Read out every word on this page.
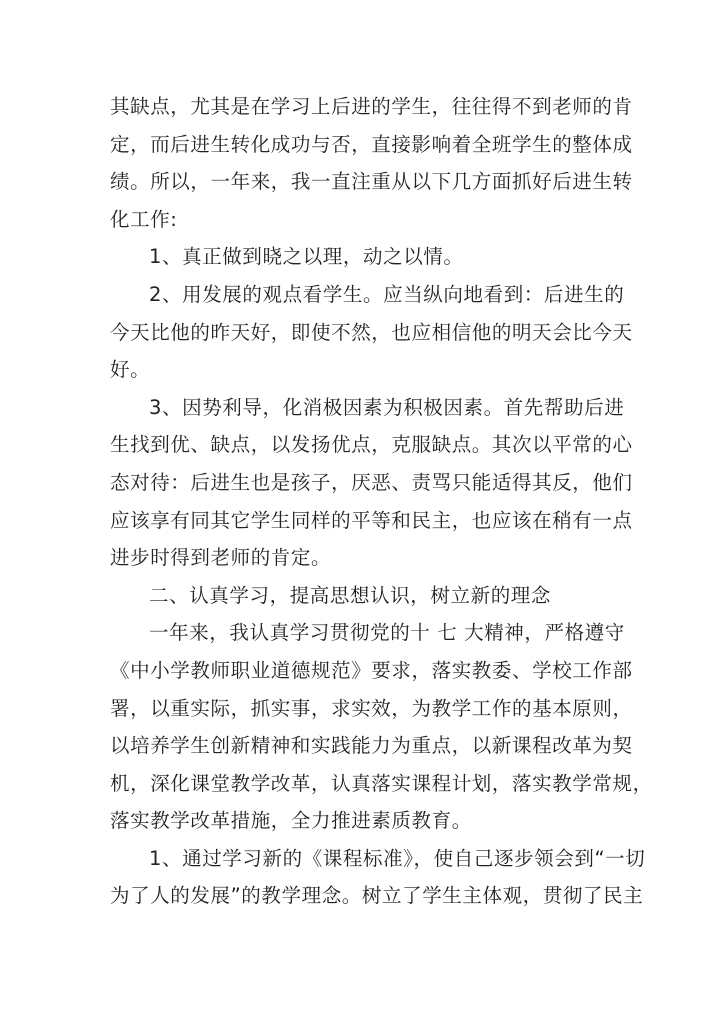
其缺点，尤其是在学习上后进的学生，往往得不到老师的肯
定，而后进生转化成功与否，直接影响着全班学生的整体成
绩。所以，一年来，我一直注重从以下几方面抓好后进生转
化工作:
1、真正做到晓之以理，动之以情。
2、用发展的观点看学生。应当纵向地看到：后进生的
今天比他的昨天好，即使不然，也应相信他的明天会比今天
好。
3、因势利导，化消极因素为积极因素。首先帮助后进
生找到优、缺点，以发扬优点，克服缺点。其次以平常的心
态对待：后进生也是孩子，厌恶、责骂只能适得其反，他们
应该享有同其它学生同样的平等和民主，也应该在稍有一点
进步时得到老师的肯定。
二、认真学习，提高思想认识，树立新的理念
一年来，我认真学习贯彻党的十 七 大精神，严格遵守
《中小学教师职业道德规范》要求，落实教委、学校工作部
署，以重实际，抓实事，求实效，为教学工作的基本原则，
以培养学生创新精神和实践能力为重点，以新课程改革为契
机，深化课堂教学改革，认真落实课程计划，落实教学常规，
落实教学改革措施，全力推进素质教育。
1、通过学习新的《课程标准》，使自己逐步领会到“一切
为了人的发展”的教学理念。树立了学生主体观，贯彻了民主
